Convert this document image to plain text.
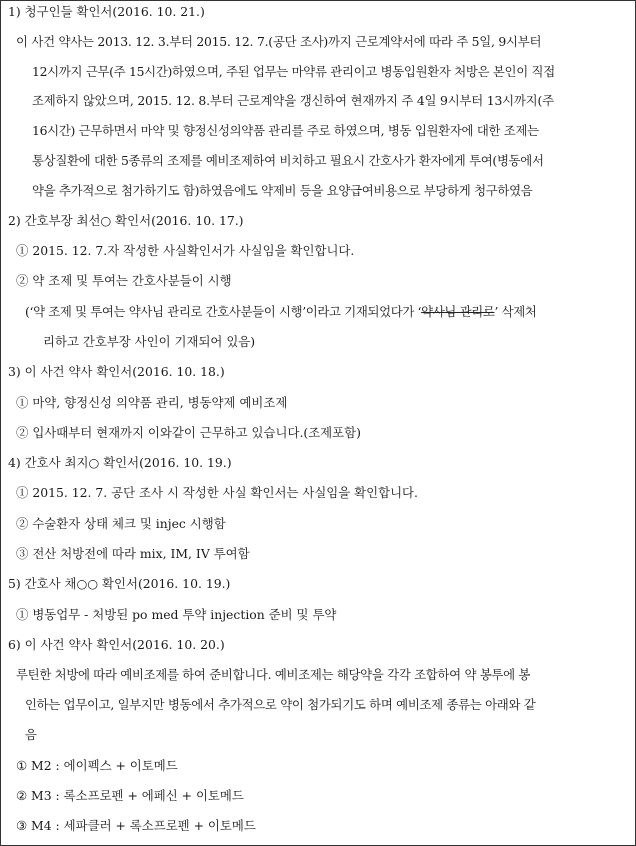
1) 청구인들 확인서(2016. 10. 21.)
이 사건 약사는 2013. 12. 3.부터 2015. 12. 7.(공단 조사)까지 근로계약서에 따라 주 5일, 9시부터
12시까지 근무(주 15시간)하였으며, 주된 업무는 마약류 관리이고 병동입원환자 처방은 본인이 직접
조제하지 않았으며, 2015. 12. 8.부터 근로계약을 갱신하여 현재까지 주 4일 9시부터 13시까지(주
16시간) 근무하면서 마약 및 향정신성의약품 관리를 주로 하였으며, 병동 입원환자에 대한 조제는
통상질환에 대한 5종류의 조제를 예비조제하여 비치하고 필요시 간호사가 환자에게 투여(병동에서
약을 추가적으로 첨가하기도 함)하였음에도 약제비 등을 요양급여비용으로 부당하게 청구하였음
2) 간호부장 최선○ 확인서(2016. 10. 17.)
① 2015. 12. 7.자 작성한 사실확인서가 사실임을 확인합니다.
② 약 조제 및 투여는 간호사분들이 시행
(‘약 조제 및 투여는 약사님 관리로 간호사분들이 시행’이라고 기재되었다가 ‘약사님 관리로’ 삭제처
리하고 간호부장 사인이 기재되어 있음)
3) 이 사건 약사 확인서(2016. 10. 18.)
① 마약, 향정신성 의약품 관리, 병동약제 예비조제
② 입사때부터 현재까지 이와같이 근무하고 있습니다.(조제포함)
4) 간호사 최지○ 확인서(2016. 10. 19.)
① 2015. 12. 7. 공단 조사 시 작성한 사실 확인서는 사실임을 확인합니다.
② 수술환자 상태 체크 및 injec 시행함
③ 전산 처방전에 따라 mix, IM, IV 투여함
5) 간호사 채○○ 확인서(2016. 10. 19.)
① 병동업무 - 처방된 po med 투약 injection 준비 및 투약
6) 이 사건 약사 확인서(2016. 10. 20.)
루틴한 처방에 따라 예비조제를 하여 준비합니다. 예비조제는 해당약을 각각 조합하여 약 봉투에 봉
인하는 업무이고, 일부지만 병동에서 추가적으로 약이 첨가되기도 하며 예비조제 종류는 아래와 같
음
① M2 : 에이펙스 + 이토메드
② M3 : 록소프로펜 + 에페신 + 이토메드
③ M4 : 세파클러 + 록소프로펜 + 이토메드
